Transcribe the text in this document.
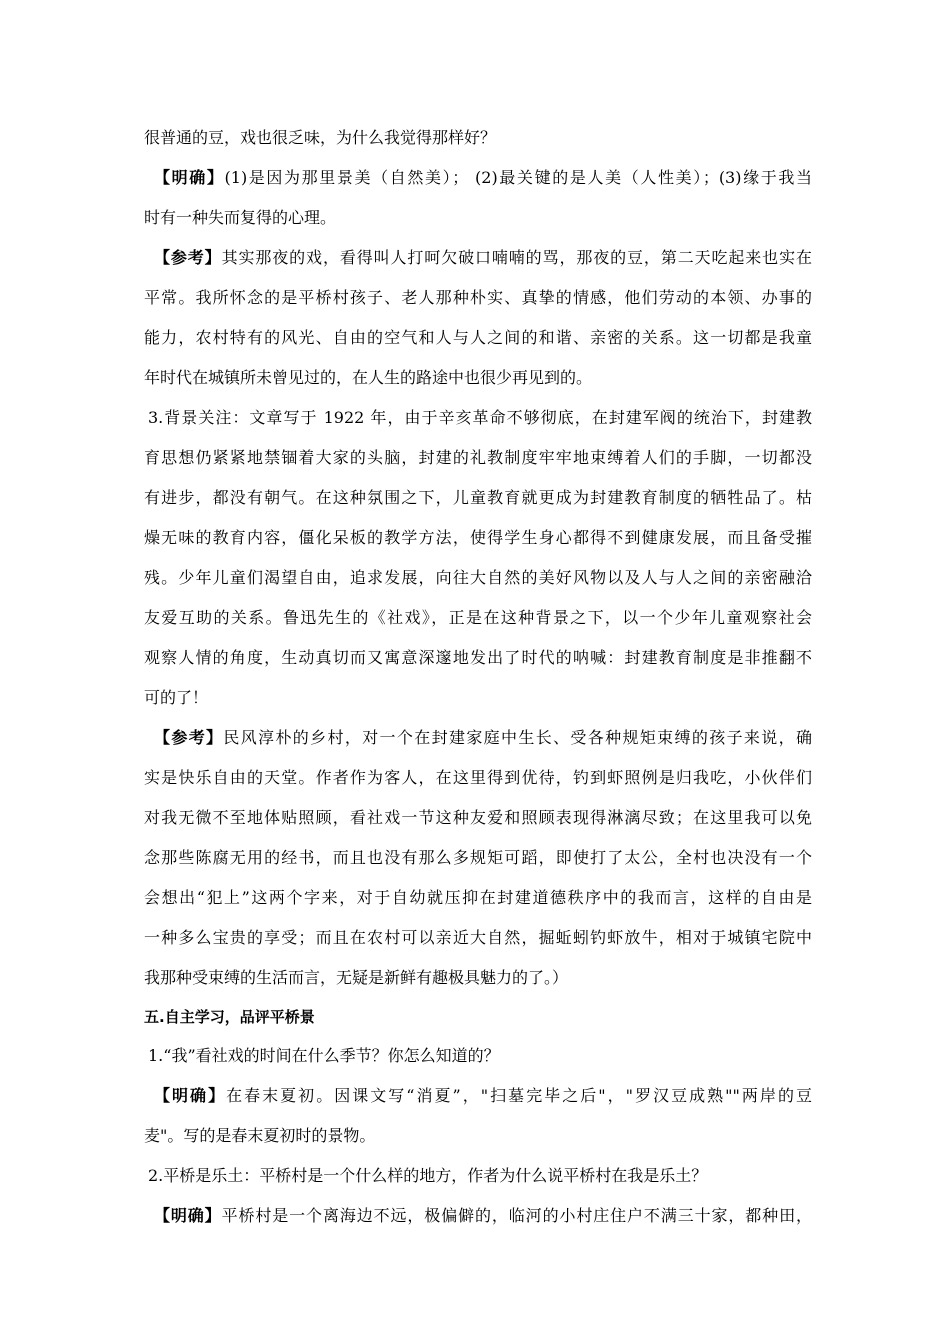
很普通的豆，戏也很乏味，为什么我觉得那样好？
【明确】(1)是因为那里景美（自然美）； (2)最关键的是人美（人性美）；(3)缘于我当
时有一种失而复得的心理。
【参考】其实那夜的戏，看得叫人打呵欠破口喃喃的骂，那夜的豆，第二天吃起来也实在
平常。我所怀念的是平桥村孩子、老人那种朴实、真挚的情感，他们劳动的本领、办事的
能力，农村特有的风光、自由的空气和人与人之间的和谐、亲密的关系。这一切都是我童
年时代在城镇所未曾见过的，在人生的路途中也很少再见到的。
3.背景关注：文章写于 1922 年，由于辛亥革命不够彻底，在封建军阀的统治下，封建教
育思想仍紧紧地禁锢着大家的头脑，封建的礼教制度牢牢地束缚着人们的手脚，一切都没
有进步，都没有朝气。在这种氛围之下，儿童教育就更成为封建教育制度的牺牲品了。枯
燥无味的教育内容，僵化呆板的教学方法，使得学生身心都得不到健康发展，而且备受摧
残。少年儿童们渴望自由，追求发展，向往大自然的美好风物以及人与人之间的亲密融洽
友爱互助的关系。鲁迅先生的《社戏》，正是在这种背景之下，以一个少年儿童观察社会
观察人情的角度，生动真切而又寓意深邃地发出了时代的呐喊：封建教育制度是非推翻不
可的了！
【参考】民风淳朴的乡村，对一个在封建家庭中生长、受各种规矩束缚的孩子来说，确
实是快乐自由的天堂。作者作为客人，在这里得到优待，钓到虾照例是归我吃，小伙伴们
对我无微不至地体贴照顾，看社戏一节这种友爱和照顾表现得淋漓尽致；在这里我可以免
念那些陈腐无用的经书，而且也没有那么多规矩可蹈，即使打了太公，全村也决没有一个
会想出“犯上”这两个字来，对于自幼就压抑在封建道德秩序中的我而言，这样的自由是
一种多么宝贵的享受；而且在农村可以亲近大自然，掘蚯蚓钓虾放牛，相对于城镇宅院中
我那种受束缚的生活而言，无疑是新鲜有趣极具魅力的了。）
五.自主学习，品评平桥景
1.“我”看社戏的时间在什么季节？你怎么知道的？
【明确】在春末夏初。因课文写“消夏”，"扫墓完毕之后"，"罗汉豆成熟""两岸的豆
麦"。写的是春末夏初时的景物。
2.平桥是乐土：平桥村是一个什么样的地方，作者为什么说平桥村在我是乐土？
【明确】平桥村是一个离海边不远，极偏僻的，临河的小村庄住户不满三十家，都种田，
